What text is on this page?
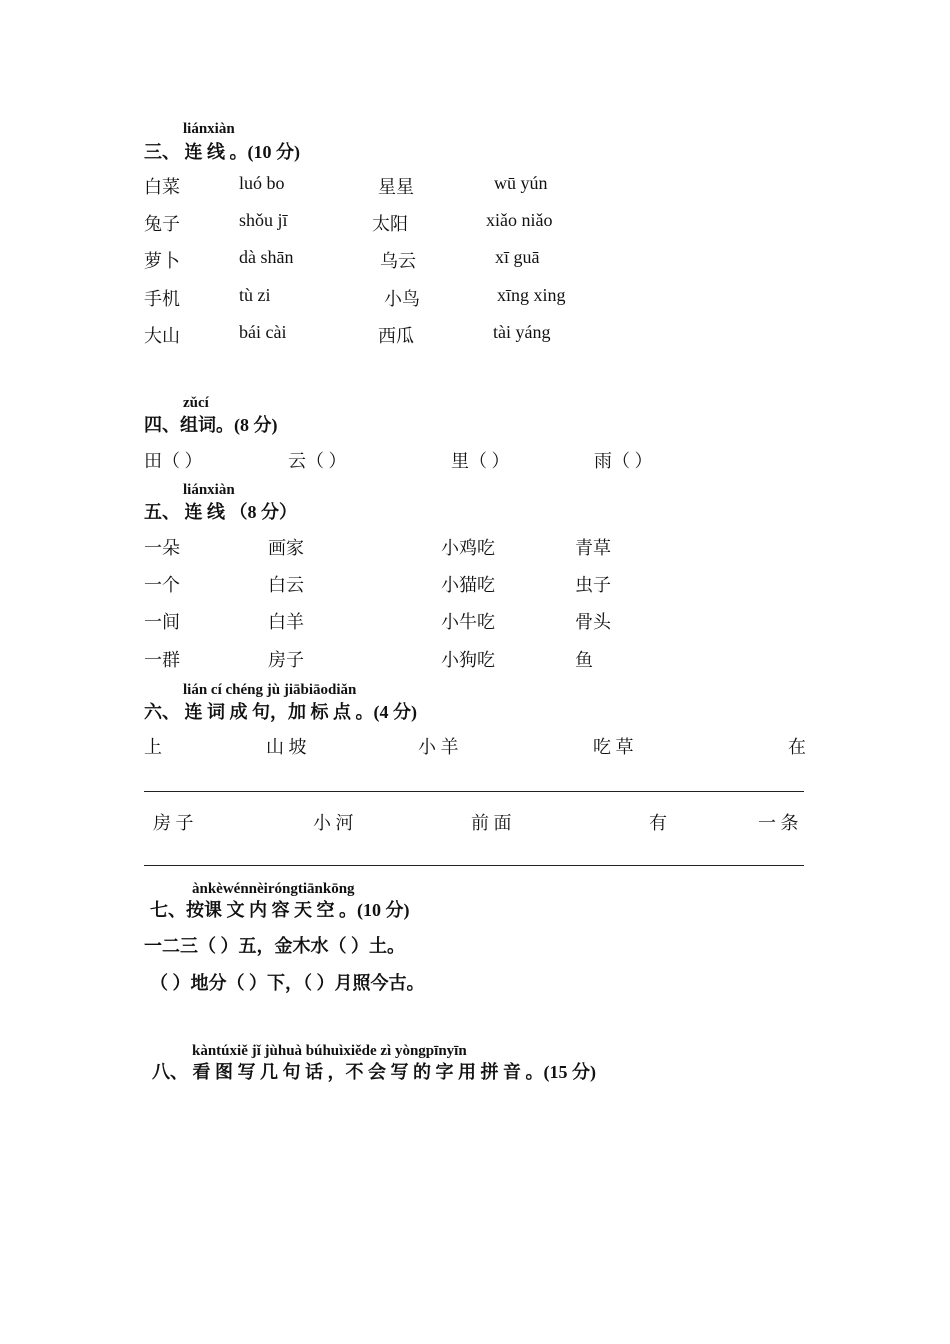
liánxiàn
三、 连 线 。(10 分)
白菜	luó bo	星星	wū yún
兔子	shǒu jī	太阳	xiǎo niǎo
萝卜	dà shān	乌云	xī guā
手机	tù zi	小鸟	xīng xing
大山	bái cài	西瓜	tài yáng
zǔcí
四、组词。(8 分)
田（ ）	云（ ）	里（ ）	雨（ ）
liánxiàn
五、 连 线 （8 分）
一朵	画家	小鸡吃	青草
一个	白云	小猫吃	虫子
一间	白羊	小牛吃	骨头
一群	房子	小狗吃	鱼
lián cí chéng jù jiābiāodiǎn
六、 连 词 成 句，加 标 点 。(4 分)
上	山 坡	小 羊	吃 草	在
房 子	小 河	前 面	有	一 条
ànkèwénnèiróngtiānkōng
七、按课 文 内 容 天 空 。(10 分)
一二三（ ）五，金木水（ ）土。
（ ）地分（ ）下，（ ）月照今古。
kàntúxiě jǐ jùhuà búhuìxiěde zì yòngpīnyīn
八、 看 图 写 几 句 话 ，不 会 写 的 字 用 拼 音 。(15 分)
